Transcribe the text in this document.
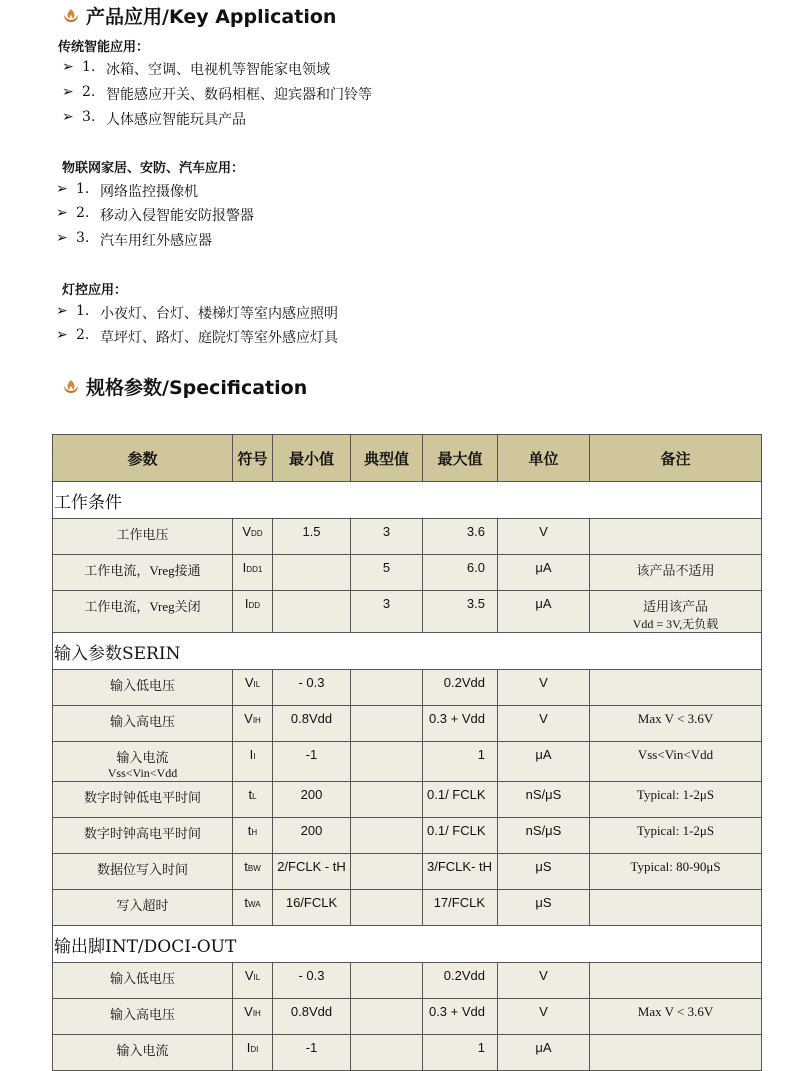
产品应用/Key Application
传统智能应用：
➢ 1. 冰箱、空调、电视机等智能家电领域
➢ 2. 智能感应开关、数码相框、迎宾器和门铃等
➢ 3. 人体感应智能玩具产品
物联网家居、安防、汽车应用：
➢ 1. 网络监控摄像机
➢ 2. 移动入侵智能安防报警器
➢ 3. 汽车用红外感应器
灯控应用：
➢ 1. 小夜灯、台灯、楼梯灯等室内感应照明
➢ 2. 草坪灯、路灯、庭院灯等室外感应灯具
规格参数/Specification
参数	符号	最小值	典型值	最大值	单位	备注
工作条件						
工作电压	VDD	1.5	3	3.6	V	
工作电流，Vreg接通	IDD1		5	6.0	μA	该产品不适用
工作电流，Vreg关闭	IDD		3	3.5	μA	适用该产品
Vdd = 3V,无负载

输入参数SERIN						
输入低电压	VIL	- 0.3		0.2Vdd	V	
输入高电压	VIH	0.8Vdd		0.3 + Vdd	V	Max V < 3.6V
输入电流
Vss<Vin<Vdd	II	-1		1	μA	Vss<Vin<Vdd
数字时钟低电平时间	tL	200		0.1/ FCLK	nS/μS	Typical: 1-2μS
数字时钟高电平时间	tH	200		0.1/ FCLK	nS/μS	Typical: 1-2μS
数据位写入时间	tBW	2/FCLK - tH		3/FCLK- tH	μS	Typical: 80-90μS
写入超时	tWA	16/FCLK		17/FCLK	μS	
输出脚INT/DOCI-OUT						
输入低电压	VIL	- 0.3		0.2Vdd	V	
输入高电压	VIH	0.8Vdd		0.3 + Vdd	V	Max V < 3.6V
输入电流	IDI	-1		1	μA	
